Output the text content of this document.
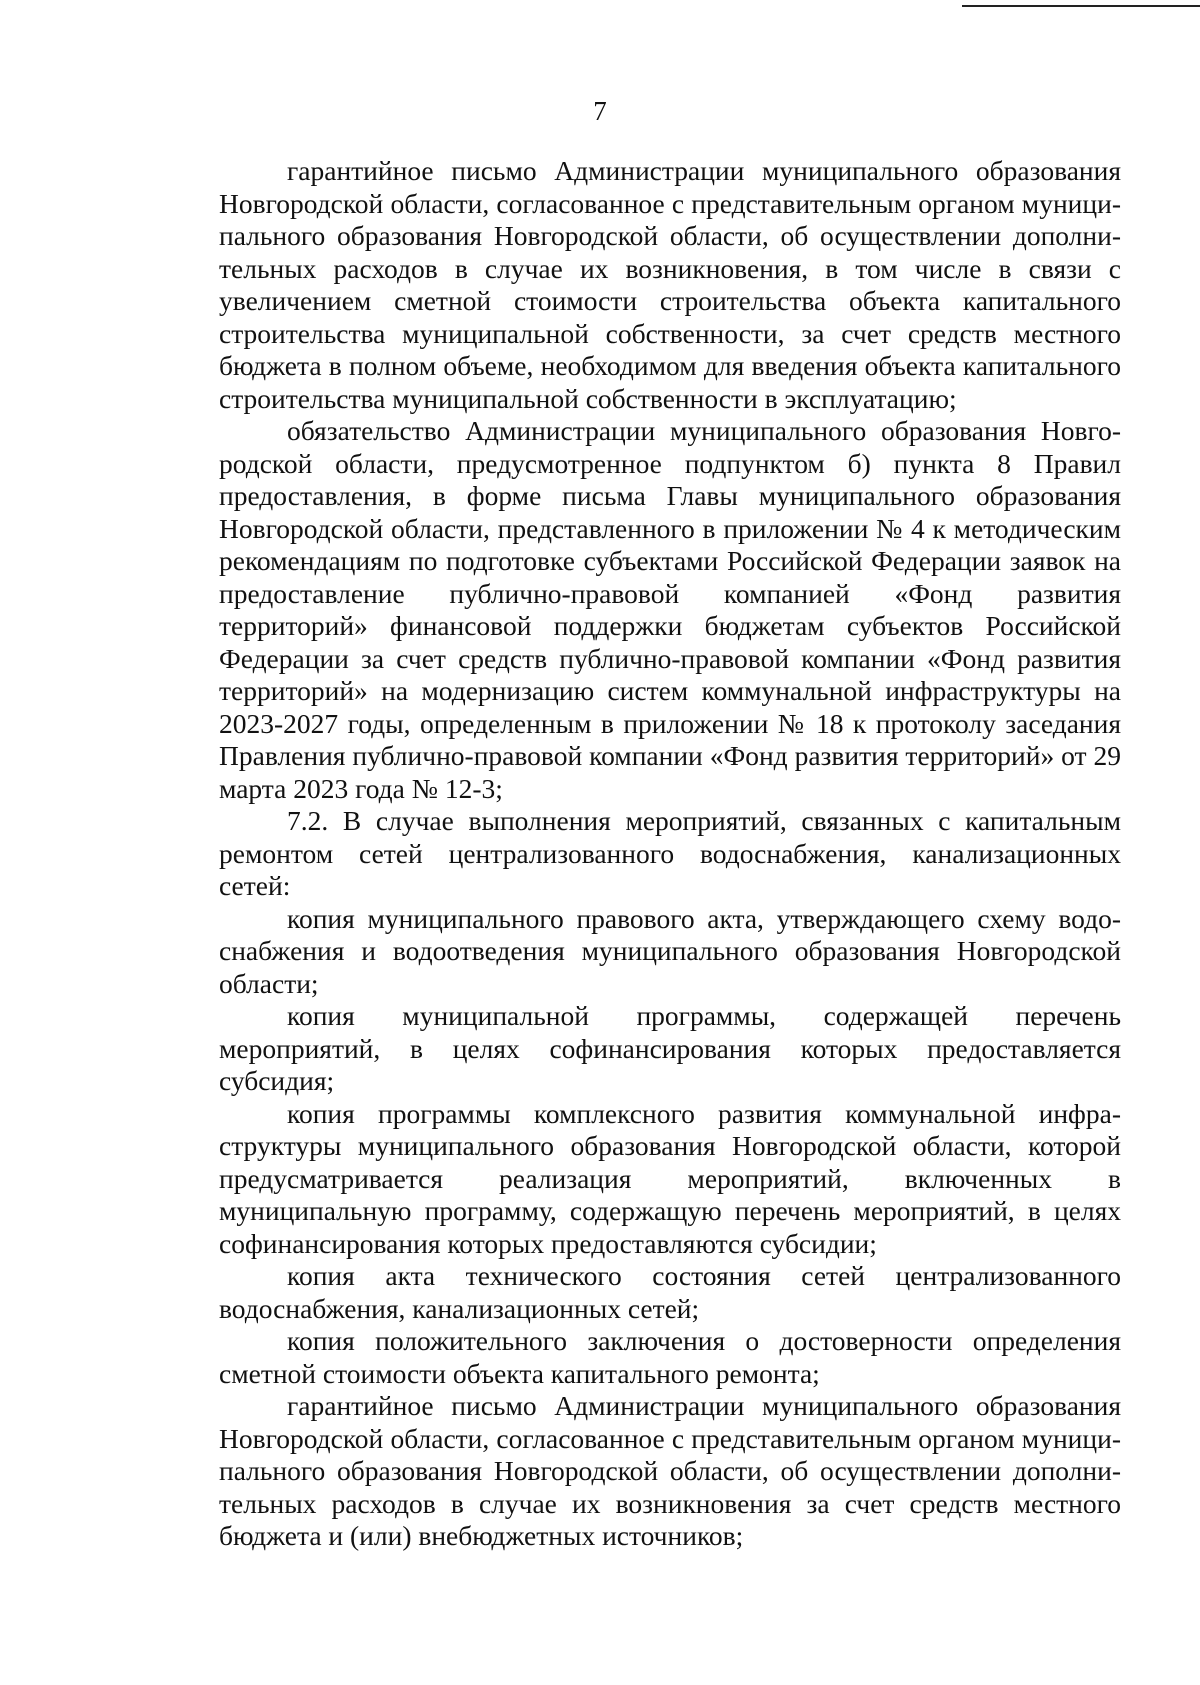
7

гарантийное письмо Администрации муниципального образования Новгородской области, согласованное с представительным органом муниципального образования Новгородской области, об осуществлении дополнительных расходов в случае их возникновения, в том числе в связи с увеличением сметной стоимости строительства объекта капитального строительства муниципальной собственности, за счет средств местного бюджета в полном объеме, необходимом для введения объекта капитального строительства муниципальной собственности в эксплуатацию;

обязательство Администрации муниципального образования Новгородской области, предусмотренное подпунктом б) пункта 8 Правил предоставления, в форме письма Главы муниципального образования Новгородской области, представленного в приложении № 4 к методическим рекомендациям по подготовке субъектами Российской Федерации заявок на предоставление публично-правовой компанией «Фонд развития территорий» финансовой поддержки бюджетам субъектов Российской Федерации за счет средств публично-правовой компании «Фонд развития территорий» на модернизацию систем коммунальной инфраструктуры на 2023-2027 годы, определенным в приложении № 18 к протоколу заседания Правления публично-правовой компании «Фонд развития территорий» от 29 марта 2023 года № 12-3;

7.2. В случае выполнения мероприятий, связанных с капитальным ремонтом сетей централизованного водоснабжения, канализационных сетей:

копия муниципального правового акта, утверждающего схему водоснабжения и водоотведения муниципального образования Новгородской области;

копия муниципальной программы, содержащей перечень мероприятий, в целях софинансирования которых предоставляется субсидия;

копия программы комплексного развития коммунальной инфраструктуры муниципального образования Новгородской области, которой предусматривается реализация мероприятий, включенных в муниципальную программу, содержащую перечень мероприятий, в целях софинансирования которых предоставляются субсидии;

копия акта технического состояния сетей централизованного водоснабжения, канализационных сетей;

копия положительного заключения о достоверности определения сметной стоимости объекта капитального ремонта;

гарантийное письмо Администрации муниципального образования Новгородской области, согласованное с представительным органом муниципального образования Новгородской области, об осуществлении дополнительных расходов в случае их возникновения за счет средств местного бюджета и (или) внебюджетных источников;
